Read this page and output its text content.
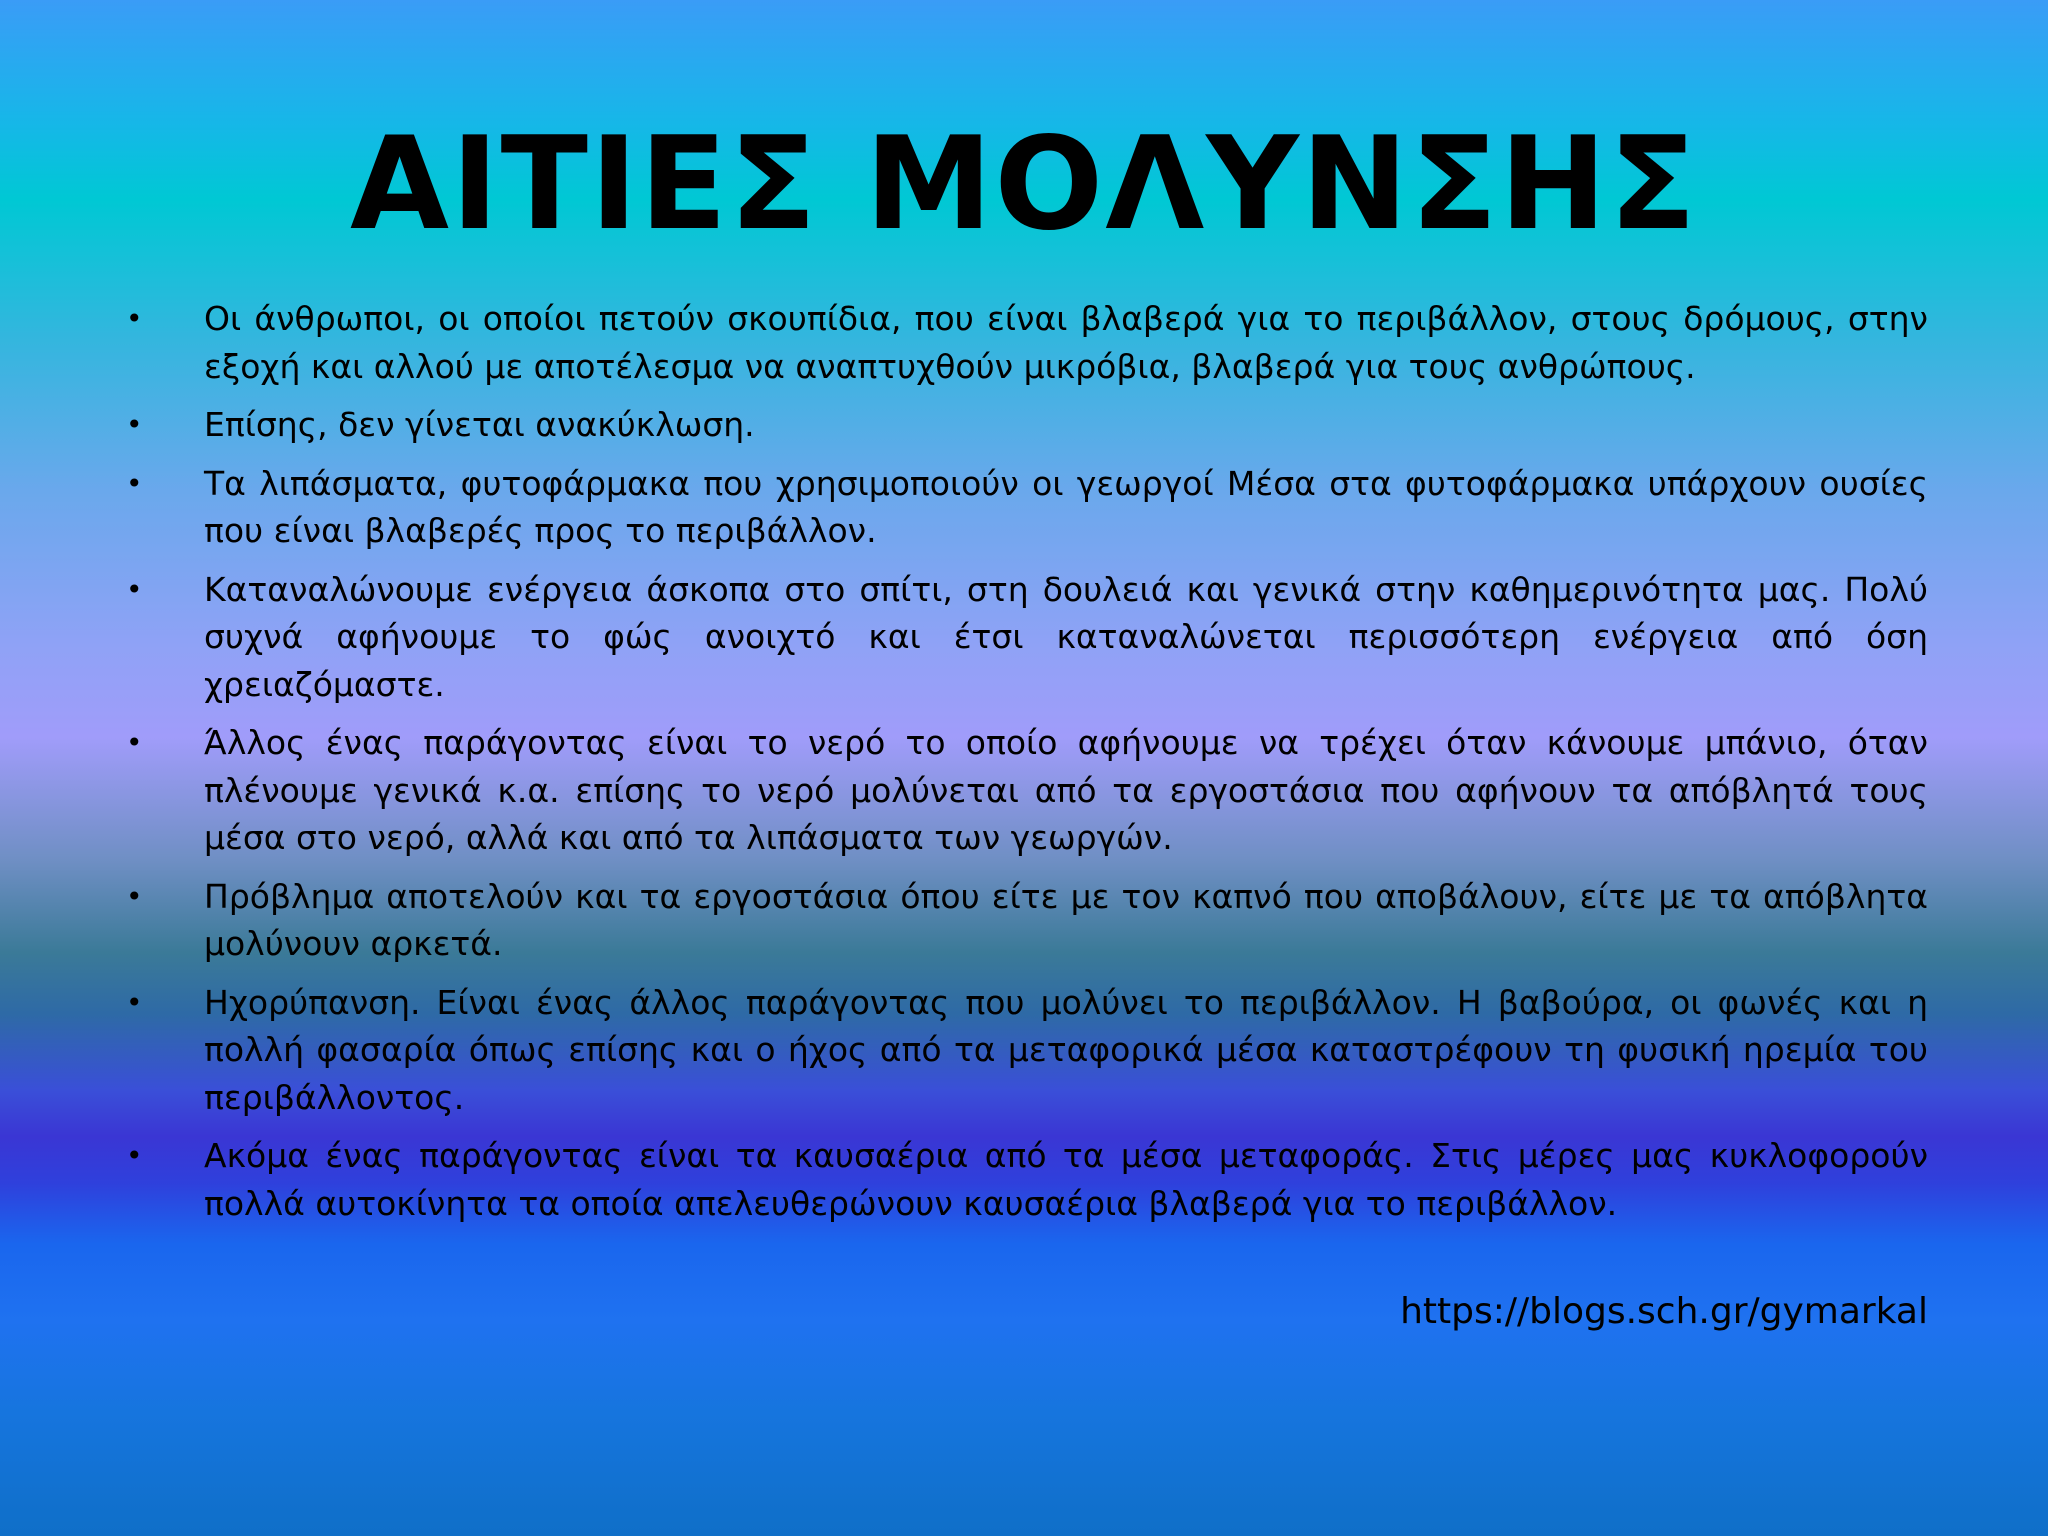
ΑΙΤΙΕΣ ΜΟΛΥΝΣΗΣ
• Οι άνθρωποι, οι οποίοι πετούν σκουπίδια, που είναι βλαβερά για το περιβάλλον, στους δρόμους, στην εξοχή και αλλού με αποτέλεσμα να αναπτυχθούν μικρόβια, βλαβερά για τους ανθρώπους.
• Επίσης, δεν γίνεται ανακύκλωση.
• Τα λιπάσματα, φυτοφάρμακα που χρησιμοποιούν οι γεωργοί Μέσα στα φυτοφάρμακα υπάρχουν ουσίες που είναι βλαβερές προς το περιβάλλον.
• Καταναλώνουμε ενέργεια άσκοπα στο σπίτι, στη δουλειά και γενικά στην καθημερινότητα μας. Πολύ συχνά αφήνουμε το φώς ανοιχτό και έτσι καταναλώνεται περισσότερη ενέργεια από όση χρειαζόμαστε.
• Άλλος ένας παράγοντας είναι το νερό το οποίο αφήνουμε να τρέχει όταν κάνουμε μπάνιο, όταν πλένουμε γενικά κ.α. επίσης το νερό μολύνεται από τα εργοστάσια που αφήνουν τα απόβλητά τους μέσα στο νερό, αλλά και από τα λιπάσματα των γεωργών.
• Πρόβλημα αποτελούν και τα εργοστάσια όπου είτε με τον καπνό που αποβάλουν, είτε με τα απόβλητα μολύνουν αρκετά.
• Ηχορύπανση. Είναι ένας άλλος παράγοντας που μολύνει το περιβάλλον. Η βαβούρα, οι φωνές και η πολλή φασαρία όπως επίσης και ο ήχος από τα μεταφορικά μέσα καταστρέφουν τη φυσική ηρεμία του περιβάλλοντος.
• Ακόμα ένας παράγοντας είναι τα καυσαέρια από τα μέσα μεταφοράς. Στις μέρες μας κυκλοφορούν πολλά αυτοκίνητα τα οποία απελευθερώνουν καυσαέρια βλαβερά για το περιβάλλον.
https://blogs.sch.gr/gymarkal
